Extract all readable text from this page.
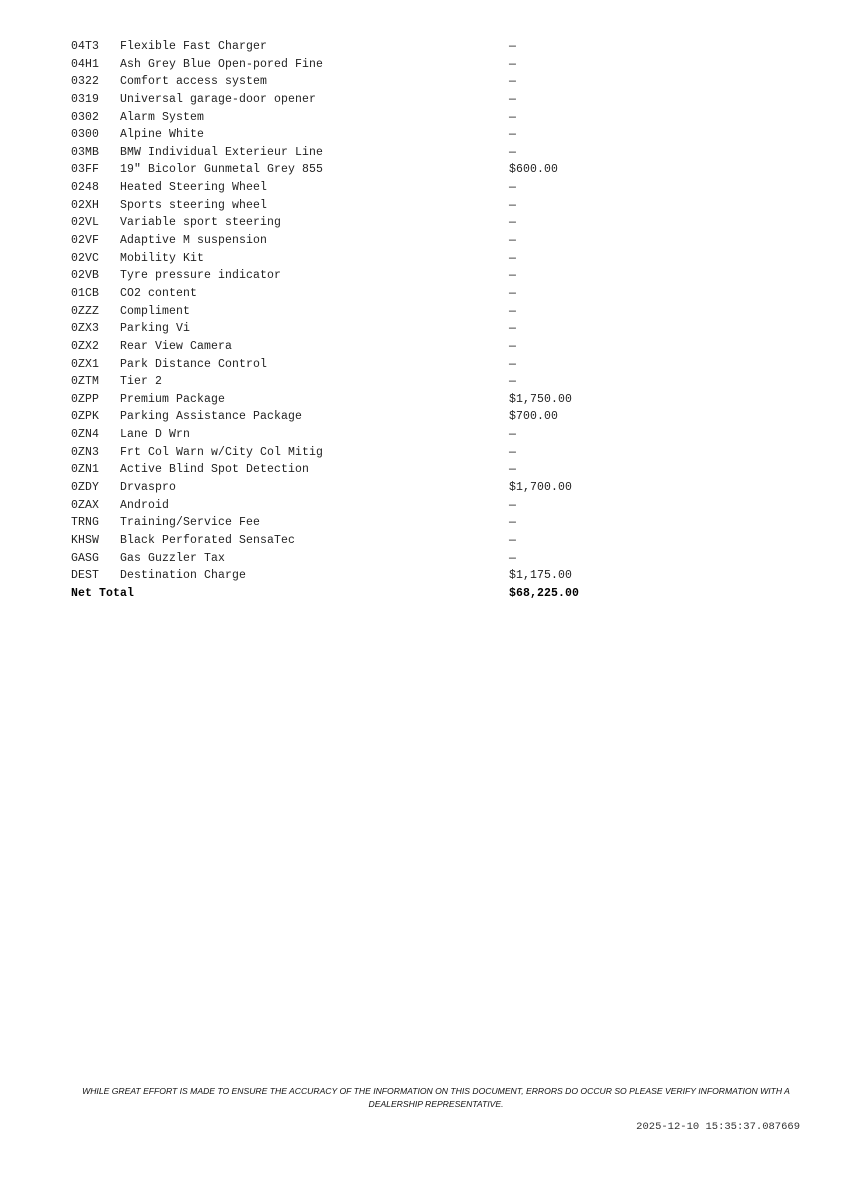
04T3	Flexible Fast Charger	—
04H1	Ash Grey Blue Open-pored Fine	—
0322	Comfort access system	—
0319	Universal garage-door opener	—
0302	Alarm System	—
0300	Alpine White	—
03MB	BMW Individual Exterieur Line	—
03FF	19" Bicolor Gunmetal Grey 855	$600.00
0248	Heated Steering Wheel	—
02XH	Sports steering wheel	—
02VL	Variable sport steering	—
02VF	Adaptive M suspension	—
02VC	Mobility Kit	—
02VB	Tyre pressure indicator	—
01CB	CO2 content	—
0ZZZ	Compliment	—
0ZX3	Parking Vi	—
0ZX2	Rear View Camera	—
0ZX1	Park Distance Control	—
0ZTM	Tier 2	—
0ZPP	Premium Package	$1,750.00
0ZPK	Parking Assistance Package	$700.00
0ZN4	Lane D Wrn	—
0ZN3	Frt Col Warn w/City Col Mitig	—
0ZN1	Active Blind Spot Detection	—
0ZDY	Drvaspro	$1,700.00
0ZAX	Android	—
TRNG	Training/Service Fee	—
KHSW	Black Perforated SensaTec	—
GASG	Gas Guzzler Tax	—
DEST	Destination Charge	$1,175.00
Net Total		$68,225.00
WHILE GREAT EFFORT IS MADE TO ENSURE THE ACCURACY OF THE INFORMATION ON THIS DOCUMENT, ERRORS DO OCCUR SO PLEASE VERIFY INFORMATION WITH A DEALERSHIP REPRESENTATIVE.
2025-12-10 15:35:37.087669
